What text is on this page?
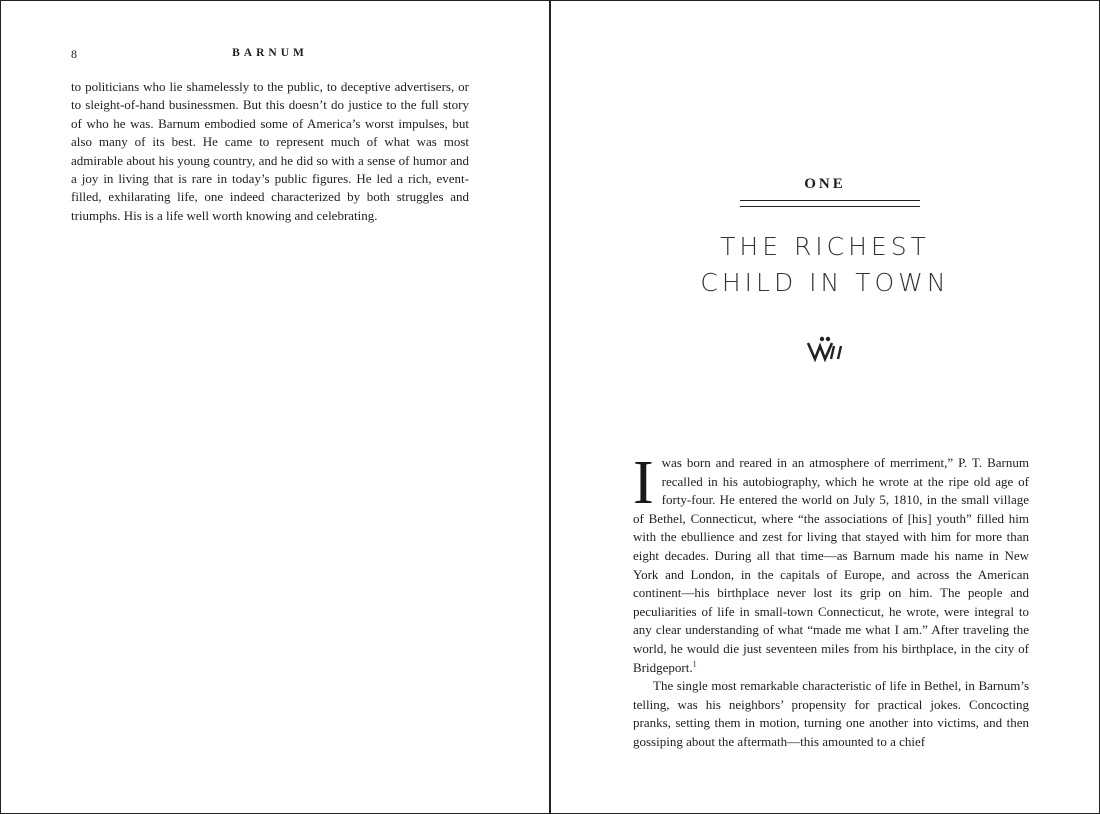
8	BARNUM

to politicians who lie shamelessly to the public, to deceptive advertisers, or to sleight-of-hand businessmen. But this doesn’t do justice to the full story of who he was. Barnum embodied some of America’s worst impulses, but also many of its best. He came to represent much of what was most admirable about his young country, and he did so with a sense of humor and a joy in living that is rare in today’s public figures. He led a rich, event-filled, exhilarating life, one indeed characterized by both struggles and triumphs. His is a life well worth knowing and celebrating.

ONE
THE RICHEST
CHILD IN TOWN

I was born and reared in an atmosphere of merriment,” P. T. Barnum recalled in his autobiography, which he wrote at the ripe old age of forty-four. He entered the world on July 5, 1810, in the small village of Bethel, Connecticut, where “the associations of [his] youth” filled him with the ebullience and zest for living that stayed with him for more than eight decades. During all that time—as Barnum made his name in New York and London, in the capitals of Europe, and across the American continent—his birthplace never lost its grip on him. The people and peculiarities of life in small-town Connecticut, he wrote, were integral to any clear understanding of what “made me what I am.” After traveling the world, he would die just seventeen miles from his birthplace, in the city of Bridgeport.$^1$

The single most remarkable characteristic of life in Bethel, in Barnum’s telling, was his neighbors’ propensity for practical jokes. Concocting pranks, setting them in motion, turning one another into victims, and then gossiping about the aftermath—this amounted to a chief
